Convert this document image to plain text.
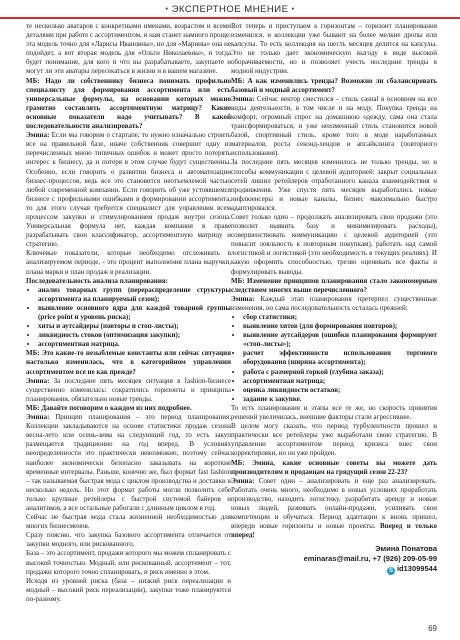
• ЭКСПЕРТНОЕ МНЕНИЕ •

те несколько аватаров с конкретными именами, возрастом и всеми деталями при работе с ассортиментом, и нам станет намного проще: эта модель точно для «Ларисы Ивановны», но для «Марины» она не подойдет, а вот вторая модель для «Ольги Николаевны», и тогда будет понимание, для кого и что вы разрабатываете, закупаете и могут ли эти аватары пересекаться в жизни и в вашем магазине.

МБ: Надо ли собственнику бизнеса понимать профильно специалисту для формирования ассортимента или есть универсальные формулы, на основании которых можно грамотно составлять ассортиментную матрицу? Какие основные показатели надо учитывать? В какой последовательности анализировать?

Эмина: Если мы говорим о стартапе, то нужно изначально строить все на правильной базе, иначе собственник совершит одну из перечисленных мною типичных ошибок и может просто потерять интерес к бизнесу, да и потеря в этом случае будут существенны. Особенно, если говорить о развитии бизнеса и автоматизации бизнес-процессов, ведь все это становится неотъемлемой частью любой современной компании. Если говорить об уже устоявшемся бизнесе с профильными ошибками в формировании ассортимента, то для этого случая требуется специалист для управления всем процессом закупки и стимулированием продаж внутри сезона. Универсальная формула нет, каждая компания в праве разрабатывать свои классификатор, ассортиментную матрицу и стратегию.

Ключевые показатели, которые необходимо отслеживать в анализируемом периоде, - это процент выполнения плана выручки, плана марки и план продаж в реализации.

Последовательность анализа планирования:

• анализ товарных групп (перераспределение структуры ассортимента на планируемый сезон);
• выявление основного ядра для каждой товарной группы (price point и уровень риска);
• хиты и аутсайдеры (повторы и стоп-листы);
• ликвидность стоков (оптимизация закупки);
• ассортиментная матрица.

МБ: Это какие-то незыблемые константы или сейчас ситуация настолько изменилась, что в категорийном управлении ассортиментом все не как прежде?

Эмина: За последние пять месяцев ситуация в fashion-бизнесе существенно изменилась: сократились горизонты и принципы планирования, обязательно новые тренды.

МБ: Давайте поговорим о каждом из них подробнее.

Эмина: Принцип планирования – это период планирования. Коллекции закладываются на основе статистики продаж сезона весна-лето или осень-зима на следующий год, то есть закуп размещается традиционно на год вперед. В условиях неопределенности это практически невозможно, поэтому сейчас наиболее экономически безопасно заказывать на короткие временные интервалы. Раньше, конечно же, был формат fast fashion – так называемая быстрая мода с циклом производства и доставки в несколько недель. Но этот формат работы могли позволить себе только крупные ретейлеры с быстрой системой байеров и аналитиков, а все остальные работали с длинным циклом в год.

Сейчас не быстрая мода стала жизненной необходимостью для многих бизнесменов.

Сразу поясню, что закупка базового ассортимента отличается от закупки модного, или рискованного.

База – это ассортимент, продажи которого мы можем спланировать с высокой точностью. Модный, или рискованный, ассортимент – тот, продажи которого точно спланировать, и риск именно в этом.

Исходя из уровней риска (база – низкий риск переализации и модный – высокий риск переализации), закупки тоже планируются по-разному.

Вот теперь и приступаем к горизонтам – горизонт планирования изменился, и коллекции уже бывают на более мелкие дропы или капсулы. То есть коллекция на шесть месяцев делится на капсулы. Это не только дает экономическую выгоду в виде высокой оборачиваемости, но и позволяет учесть последние тренды в модной индустрии.

МБ: А как изменились тренды? Возможно ли сбалансировать базовый и модный ассортимент?

Эмина: Сейчас вектор сместился – стиль casual в основном на все виды деятельности, в том числе и на моду. Покупка тренда на комфорт, огромный спрос на домашнюю одежду, сама она стала трансформироваться, и уже неизменный стиль становится новой базой, спортивный стиль, кроме того в моде наработанных материалов, роста секонд-хендов и апсайклинга (повторного использования).

За последние пять месяцев изменилось не только тренды, но и способы коммуникации с целевой аудиторией: закрыт социальных сетей лишил ретейлеров отработанного канала взаимодействия и продвижения. Уже спустя пять месяцев выработались новые инфлюенсеры и новые каналы, бизнес максимально быстро адаптировался.

Совет только один – продолжать анализировать свои продажи (это позволит выявить базу и минимизировать расходы), совершенствовать коммуникацию с целевой аудиторией (это повысит лояльность к повторным покупкам), работать над самой логистикой и логистикой (это необходимость в текущих реалиях). И какую оформить способностью, трезво оценивать все факты и формулировать выводы.

МБ: Изменение принципов планирования стало закономерным следствием многих выше перечисленного?

Эмина: Каждый этап планирования претерпел существенные изменения, но сама последовательность осталась прежней:

• сбор статистики;
• выявление хитов (для формирования повторов);
• выявление аутсайдеров (ошибки планирования формируют «стоп-листы»);
• расчет эффективности использования торгового оборудования (ширина ассортимента);
• работа с размерной горкой (глубина заказа);
• ассортиментная матрица;
• оценка ликвидности остатков;
• задание к закупке.

То есть планирования и этапы все те же, но скорость принятия решений увеличилась, внешние факторы стали агрессивнее.

В целом могу сказать, что период турбулентности прошел и практически все ретейлеры уже выработали свою стратегию. В управлении ассортиментом период кризиса внес свои корректировки, но он уже пройден.

МБ: Эмина, какие основные советы вы можете дать производителям и продавцам на грядущий сезон 22-23?

Эмина: Совет один – анализировать и еще раз анализировать. Работать очень много, необходимо в новых условиях проработать производство, находить логистику, разработать аренду и новые новых людей, развивать онлайн-продажи, усиливать свои компетенции и обучаться. Период адаптации к вновь пришел, впереди новые горизонты и новые проекты. Вперед и только вперед!

Эмина Понатова
eminaras@mail.ru, +7 (926) 209-05-99
S id13099544
69
